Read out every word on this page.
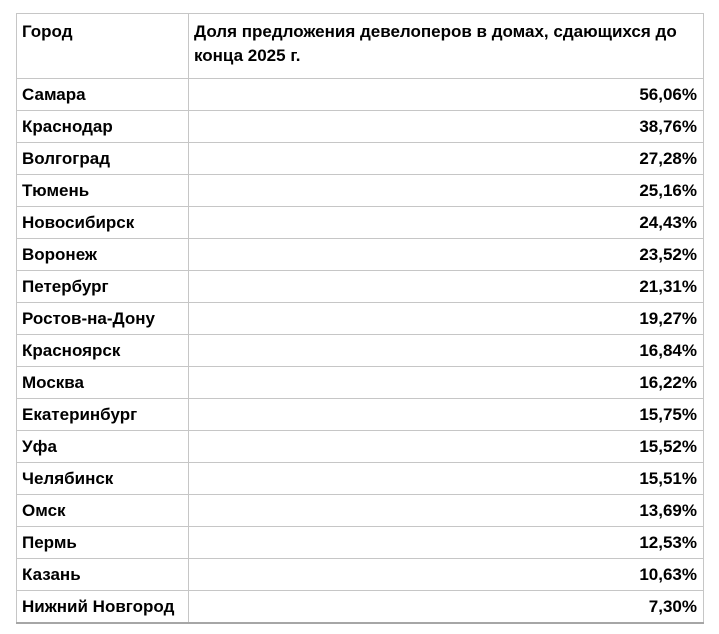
Город	Доля предложения девелоперов в домах, сдающихся до конца 2025 г.
Самара	56,06%
Краснодар	38,76%
Волгоград	27,28%
Тюмень	25,16%
Новосибирск	24,43%
Воронеж	23,52%
Петербург	21,31%
Ростов-на-Дону	19,27%
Красноярск	16,84%
Москва	16,22%
Екатеринбург	15,75%
Уфа	15,52%
Челябинск	15,51%
Омск	13,69%
Пермь	12,53%
Казань	10,63%
Нижний Новгород	7,30%
